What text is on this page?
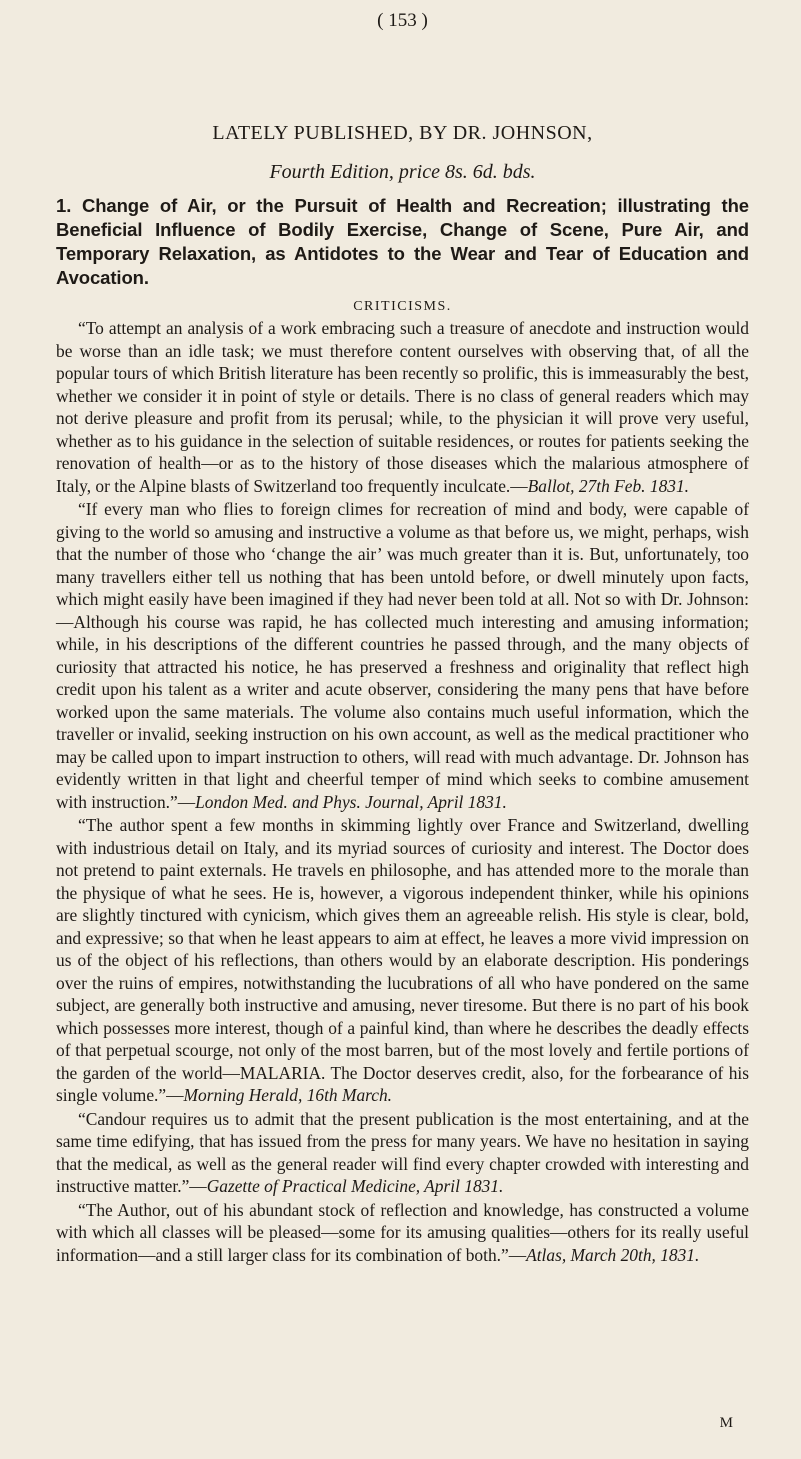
( 153 )
LATELY PUBLISHED, BY DR. JOHNSON,
Fourth Edition, price 8s. 6d. bds.
1. Change of Air, or the Pursuit of Health and Recreation; illustrating the Beneficial Influence of Bodily Exercise, Change of Scene, Pure Air, and Temporary Relaxation, as Antidotes to the Wear and Tear of Education and Avocation.
CRITICISMS.

“To attempt an analysis of a work embracing such a treasure of anecdote and instruction would be worse than an idle task; we must therefore content ourselves with observing that, of all the popular tours of which British literature has been recently so prolific, this is immeasurably the best, whether we consider it in point of style or details. There is no class of general readers which may not derive pleasure and profit from its perusal; while, to the physician it will prove very useful, whether as to his guidance in the selection of suitable residences, or routes for patients seeking the renovation of health—or as to the history of those diseases which the malarious atmosphere of Italy, or the Alpine blasts of Switzerland too frequently inculcate.—Ballot, 27th Feb. 1831.

“If every man who flies to foreign climes for recreation of mind and body, were capable of giving to the world so amusing and instructive a volume as that before us, we might, perhaps, wish that the number of those who ‘change the air’ was much greater than it is. But, unfortunately, too many travellers either tell us nothing that has been untold before, or dwell minutely upon facts, which might easily have been imagined if they had never been told at all. Not so with Dr. Johnson:—Although his course was rapid, he has collected much interesting and amusing information; while, in his descriptions of the different countries he passed through, and the many objects of curiosity that attracted his notice, he has preserved a freshness and originality that reflect high credit upon his talent as a writer and acute observer, considering the many pens that have before worked upon the same materials. The volume also contains much useful information, which the traveller or invalid, seeking instruction on his own account, as well as the medical practitioner who may be called upon to impart instruction to others, will read with much advantage. Dr. Johnson has evidently written in that light and cheerful temper of mind which seeks to combine amusement with instruction.”—London Med. and Phys. Journal, April 1831.

“The author spent a few months in skimming lightly over France and Switzerland, dwelling with industrious detail on Italy, and its myriad sources of curiosity and interest. The Doctor does not pretend to paint externals. He travels en philosophe, and has attended more to the morale than the physique of what he sees. He is, however, a vigorous independent thinker, while his opinions are slightly tinctured with cynicism, which gives them an agreeable relish. His style is clear, bold, and expressive; so that when he least appears to aim at effect, he leaves a more vivid impression on us of the object of his reflections, than others would by an elaborate description. His ponderings over the ruins of empires, notwithstanding the lucubrations of all who have pondered on the same subject, are generally both instructive and amusing, never tiresome. But there is no part of his book which possesses more interest, though of a painful kind, than where he describes the deadly effects of that perpetual scourge, not only of the most barren, but of the most lovely and fertile portions of the garden of the world—MALARIA. The Doctor deserves credit, also, for the forbearance of his single volume.”—Morning Herald, 16th March.

“Candour requires us to admit that the present publication is the most entertaining, and at the same time edifying, that has issued from the press for many years. We have no hesitation in saying that the medical, as well as the general reader will find every chapter crowded with interesting and instructive matter.”—Gazette of Practical Medicine, April 1831.

“The Author, out of his abundant stock of reflection and knowledge, has constructed a volume with which all classes will be pleased—some for its amusing qualities—others for its really useful information—and a still larger class for its combination of both.”—Atlas, March 20th, 1831.

M
